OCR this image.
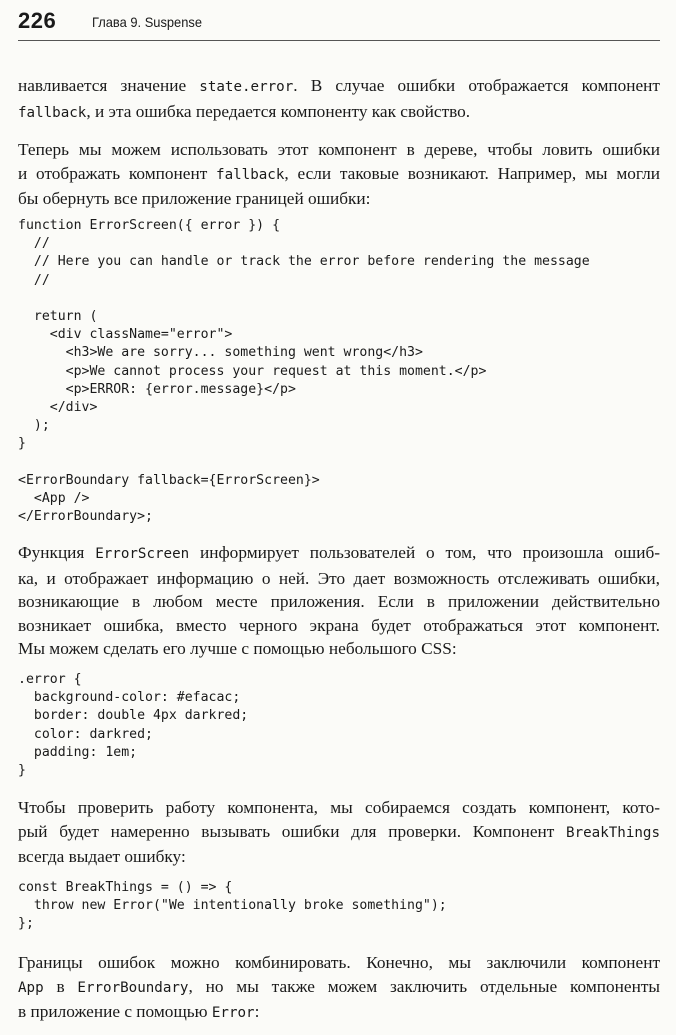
226	Глава 9. Suspense
навливается значение state.error. В случае ошибки отображается компонент
fallback, и эта ошибка передается компоненту как свойство.
Теперь мы можем использовать этот компонент в дереве, чтобы ловить ошибки
и отображать компонент fallback, если таковые возникают. Например, мы могли
бы обернуть все приложение границей ошибки:
function ErrorScreen({ error }) {
//
// Here you can handle or track the error before rendering the message
//

return (
<div className="error">
<h3>We are sorry... something went wrong</h3>
<p>We cannot process your request at this moment.</p>
<p>ERROR: {error.message}</p>
</div>
);
}

<ErrorBoundary fallback={ErrorScreen}>
<App />
</ErrorBoundary>;
Функция ErrorScreen информирует пользователей о том, что произошла ошиб-
ка, и отображает информацию о ней. Это дает возможность отслеживать ошибки,
возникающие в любом месте приложения. Если в приложении действительно
возникает ошибка, вместо черного экрана будет отображаться этот компонент.
Мы можем сделать его лучше с помощью небольшого CSS:
.error {
background-color: #efacac;
border: double 4px darkred;
color: darkred;
padding: 1em;
}
Чтобы проверить работу компонента, мы собираемся создать компонент, кото-
рый будет намеренно вызывать ошибки для проверки. Компонент BreakThings
всегда выдает ошибку:
const BreakThings = () => {
throw new Error("We intentionally broke something");
};
Границы ошибок можно комбинировать. Конечно, мы заключили компонент
App в ErrorBoundary, но мы также можем заключить отдельные компоненты
в приложение с помощью Error:
